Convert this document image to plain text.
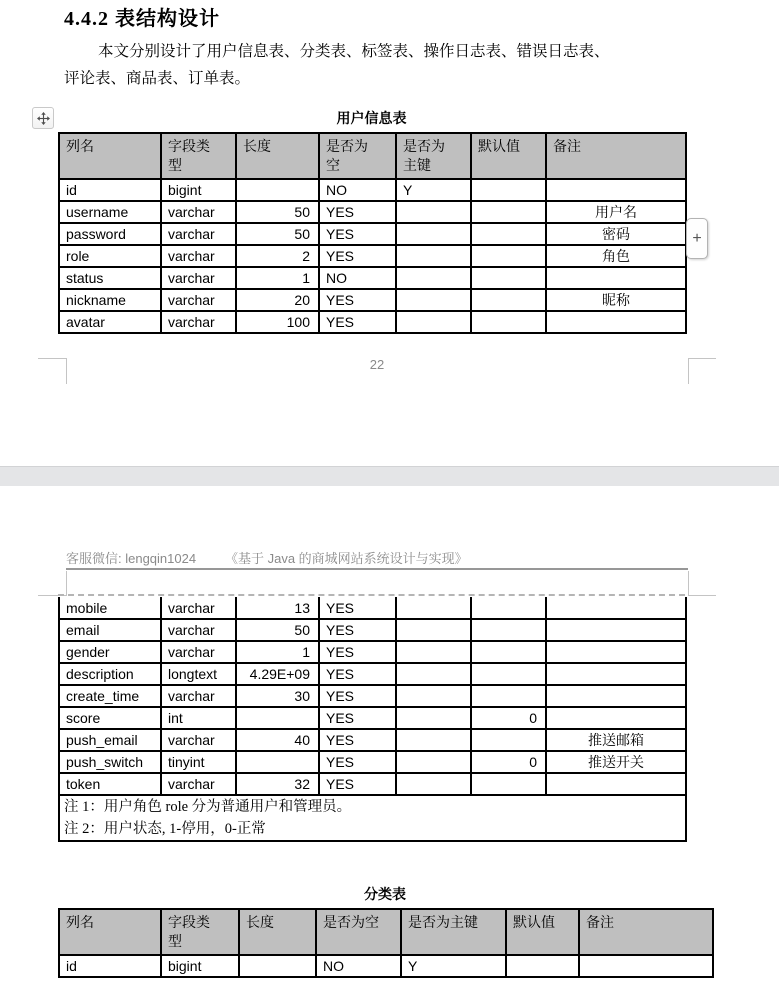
4.4.2 表结构设计
本文分别设计了用户信息表、分类表、标签表、操作日志表、错误日志表、
评论表、商品表、订单表。
用户信息表
列名	字段类型	长度	是否为空	是否为主键	默认值	备注
id	bigint		NO	Y		
username	varchar	50	YES			用户名
password	varchar	50	YES			密码
role	varchar	2	YES			角色
status	varchar	1	NO			
nickname	varchar	20	YES			昵称
avatar	varchar	100	YES			
+
22
客服微信: lengqin1024 《基于 Java 的商城网站系统设计与实现》
mobile	varchar	13	YES			
email	varchar	50	YES			
gender	varchar	1	YES			
description	longtext	4.29E+09	YES			
create_time	varchar	30	YES			
score	int		YES		0	
push_email	varchar	40	YES			推送邮箱
push_switch	tinyint		YES		0	推送开关
token	varchar	32	YES			

注 1：用户角色 role 分为普通用户和管理员。
注 2：用户状态, 1-停用，0-正常						
分类表
列名	字段类型	长度	是否为空	是否为主键	默认值	备注
id	bigint		NO	Y		
